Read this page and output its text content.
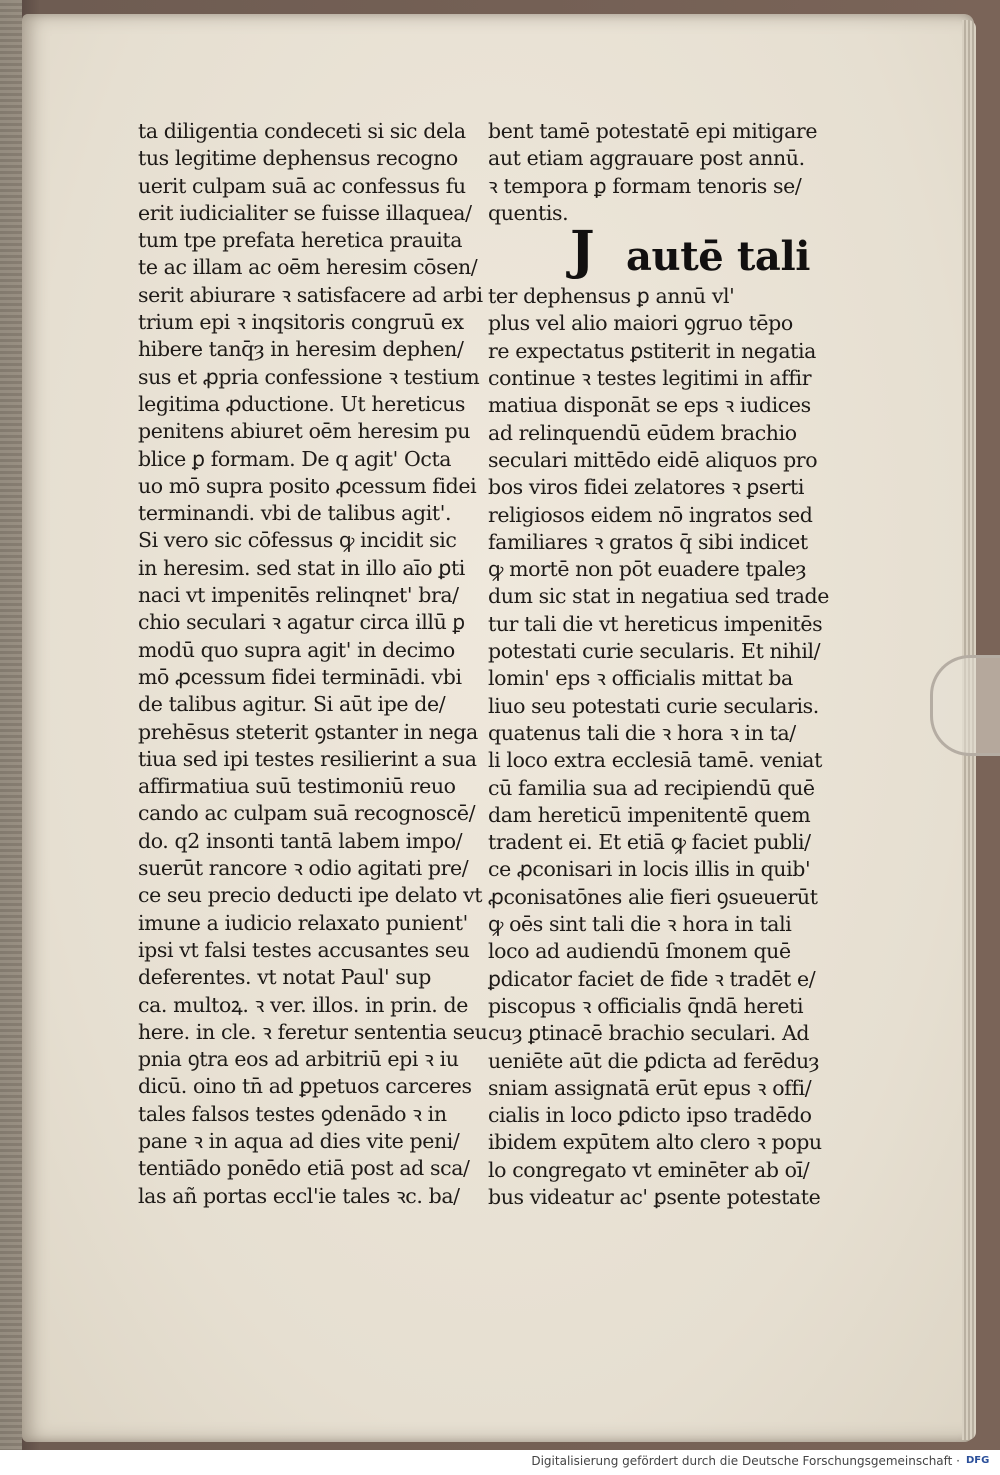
ta diligentia condeceti si sic dela
tus legitime dephensus recogno
uerit culpam suā ac confessus fu
erit iudicialiter se fuisse illaquea/
tum tpe prefata heretica prauita
te ac illam ac oēm heresim cōsen/
serit abiurare ꝛ satisfacere ad arbi
trium epi ꝛ inqsitoris congruū ex
hibere tanq̄ȝ in heresim dephen/
sus et ꝓpria confessione ꝛ testium
legitima ꝓductione. Ut hereticus
penitens abiuret oēm heresim pu
blice ꝑ formam. De q agit' Octa
uo mō supra posito ꝓcessum fidei
terminandi. vbi de talibus agit'.
Si vero sic cōfessus ꝙ incidit sic
in heresim. sed stat in illo aīo ꝑti
naci vt impenitēs relinqnet' bra/
chio seculari ꝛ agatur circa illū ꝑ
modū quo supra agit' in decimo
mō ꝓcessum fidei terminādi. vbi
de talibus agitur. Si aūt ipe de/
prehēsus steterit ꝯstanter in nega
tiua sed ipi testes resilierint a sua
affirmatiua suū testimoniū reuo
cando ac culpam suā recognoscē/
do. q2 insonti tantā labem impo/
suerūt rancore ꝛ odio agitati pre/
ce seu precio deducti ipe delato vt
imune a iudicio relaxato punient'
ipsi vt falsi testes accusantes seu
deferentes. vt notat Paul' sup
ca. multoꝝ. ꝛ ver. illos. in prin. de
here. in cle. ꝛ feretur sententia seu
pnia ꝯtra eos ad arbitriū epi ꝛ iu
dicū. oino tn̄ ad ꝑpetuos carceres
tales falsos testes ꝯdenādo ꝛ in
pane ꝛ in aqua ad dies vite peni/
tentiādo ponēdo etiā post ad sca/
las añ portas eccl'ie tales ꝛc. ba/
bent tamē potestatē epi mitigare
aut etiam aggrauare post annū.
ꝛ tempora ꝑ formam tenoris se/
quentis.
J autē tali
ter dephensus ꝑ annū vl'
plus vel alio maiori ꝯgruo tēpo
re expectatus ꝑstiterit in negatia
continue ꝛ testes legitimi in affir
matiua disponāt se eps ꝛ iudices
ad relinquendū eūdem brachio
seculari mittēdo eidē aliquos pro
bos viros fidei zelatores ꝛ ꝑserti
religiosos eidem nō ingratos sed
familiares ꝛ gratos q̄ sibi indicet
ꝙ mortē non pōt euadere tpaleȝ
dum sic stat in negatiua sed trade
tur tali die vt hereticus impenitēs
potestati curie secularis. Et nihil/
lomin' eps ꝛ officialis mittat ba
liuo seu potestati curie secularis.
quatenus tali die ꝛ hora ꝛ in ta/
li loco extra ecclesiā tamē. veniat
cū familia sua ad recipiendū quē
dam hereticū impenitentē quem
tradent ei. Et etiā ꝙ faciet publi/
ce ꝓconisari in locis illis in quib'
ꝓconisatōnes alie fieri ꝯsueuerūt
ꝙ oēs sint tali die ꝛ hora in tali
loco ad audiendū ſmonem quē
ꝑdicator faciet de fide ꝛ tradēt e/
piscopus ꝛ officialis q̄ndā hereti
cuȝ ꝑtinacē brachio seculari. Ad
ueniēte aūt die ꝑdicta ad ferēduȝ
sniam assignatā erūt epus ꝛ offi/
cialis in loco ꝑdicto ipso tradēdo
ibidem expūtem alto clero ꝛ popu
lo congregato vt eminēter ab oī/
bus videatur ac' ꝑsente potestate
Digitalisierung gefördert durch die Deutsche Forschungsgemeinschaft · DFG
